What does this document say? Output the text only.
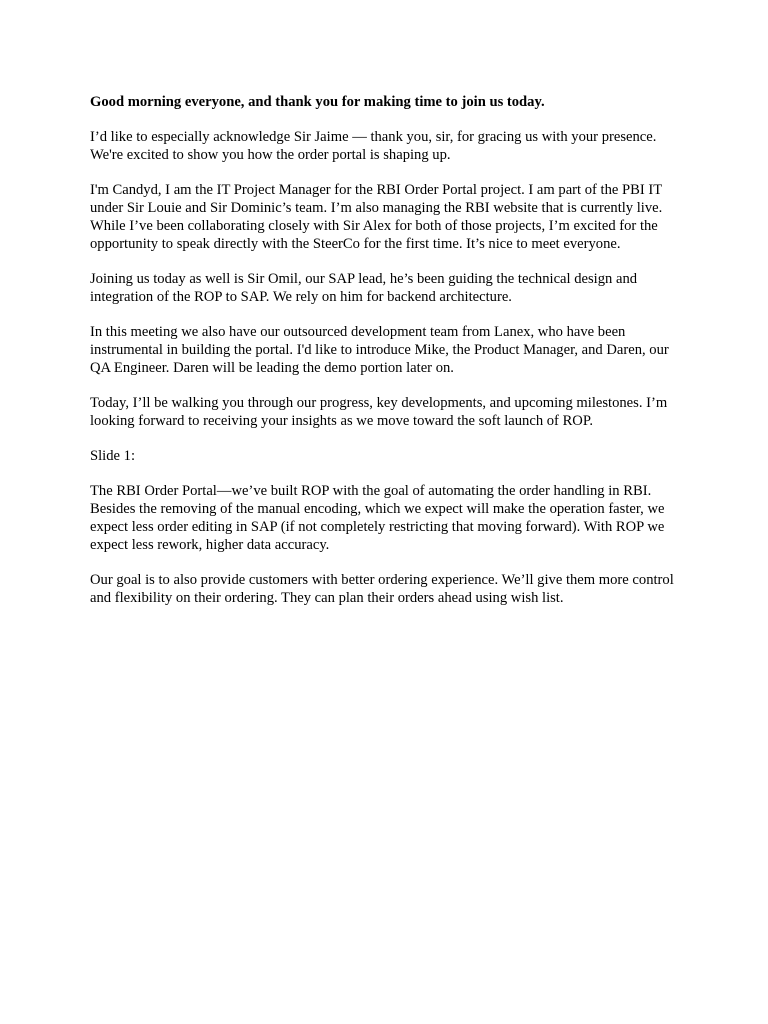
Good morning everyone, and thank you for making time to join us today.

I’d like to especially acknowledge Sir Jaime — thank you, sir, for gracing us with your presence. We're excited to show you how the order portal is shaping up.

I'm Candyd, I am the IT Project Manager for the RBI Order Portal project. I am part of the PBI IT under Sir Louie and Sir Dominic’s team. I’m also managing the RBI website that is currently live. While I’ve been collaborating closely with Sir Alex for both of those projects, I’m excited for the opportunity to speak directly with the SteerCo for the first time. It’s nice to meet everyone.

Joining us today as well is Sir Omil, our SAP lead, he’s been guiding the technical design and integration of the ROP to SAP. We rely on him for backend architecture.

In this meeting we also have our outsourced development team from Lanex, who have been instrumental in building the portal. I'd like to introduce Mike, the Product Manager, and Daren, our QA Engineer. Daren will be leading the demo portion later on.

Today, I’ll be walking you through our progress, key developments, and upcoming milestones. I’m looking forward to receiving your insights as we move toward the soft launch of ROP.

Slide 1:

The RBI Order Portal—we’ve built ROP with the goal of automating the order handling in RBI. Besides the removing of the manual encoding, which we expect will make the operation faster, we expect less order editing in SAP (if not completely restricting that moving forward). With ROP we expect less rework, higher data accuracy.

Our goal is to also provide customers with better ordering experience. We’ll give them more control and flexibility on their ordering. They can plan their orders ahead using wish list.
